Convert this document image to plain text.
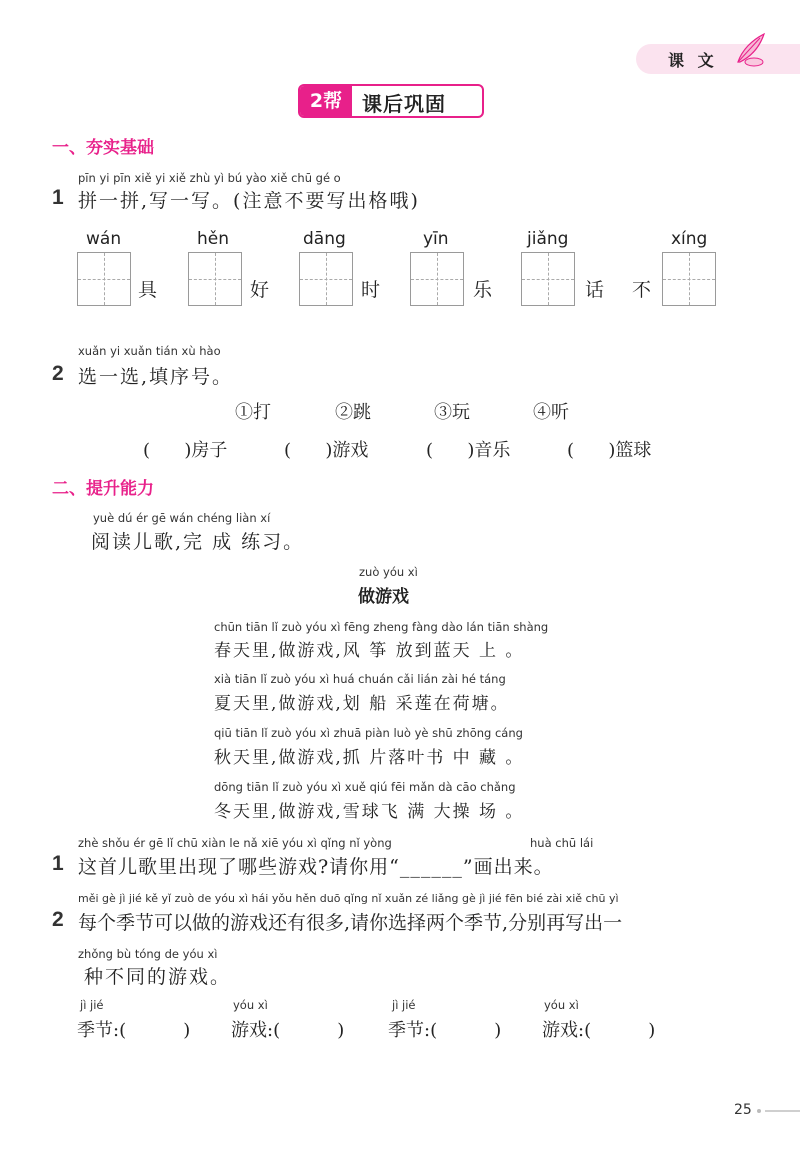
课 文
2帮 课后巩固
一、夯实基础
1
pīn yi pīn xiě yi xiě zhù yì bú yào xiě chū gé o
拼一拼,写一写。(注意不要写出格哦)
wán
具
hěn
好
dāng
时
yīn
乐
jiǎng
话 不
xíng
2
xuǎn yi xuǎn tián xù hào
选一选,填序号。
①打	②跳	③玩	④听
(      )房子	(      )游戏	(      )音乐	(      )篮球
二、提升能力
yuè dú ér gē wán chéng liàn xí
阅读儿歌,完 成 练习。
zuò yóu xì
做游戏
chūn tiān lǐ zuò yóu xì fēng zheng fàng dào lán tiān shàng
春天里,做游戏,风 筝 放到蓝天 上 。
xià tiān lǐ zuò yóu xì huá chuán cǎi lián zài hé táng
夏天里,做游戏,划 船 采莲在荷塘。
qiū tiān lǐ zuò yóu xì zhuā piàn luò yè shū zhōng cáng
秋天里,做游戏,抓 片落叶书 中 藏 。
dōng tiān lǐ zuò yóu xì xuě qiú fēi mǎn dà cāo chǎng
冬天里,做游戏,雪球飞 满 大操 场 。
1
zhè shǒu ér gē lǐ chū xiàn le nǎ xiē yóu xì qǐng nǐ yòng	huà chū lái
这首儿歌里出现了哪些游戏?请你用“______”画出来。
2
měi gè jì jié kě yǐ zuò de yóu xì hái yǒu hěn duō qǐng nǐ xuǎn zé liǎng gè jì jié fēn bié zài xiě chū yì
每个季节可以做的游戏还有很多,请你选择两个季节,分别再写出一
zhǒng bù tóng de yóu xì
种不同的游戏。
jì jié
季节:(          )
yóu xì
游戏:(          )
jì jié
季节:(          )
yóu xì
游戏:(          )
25
